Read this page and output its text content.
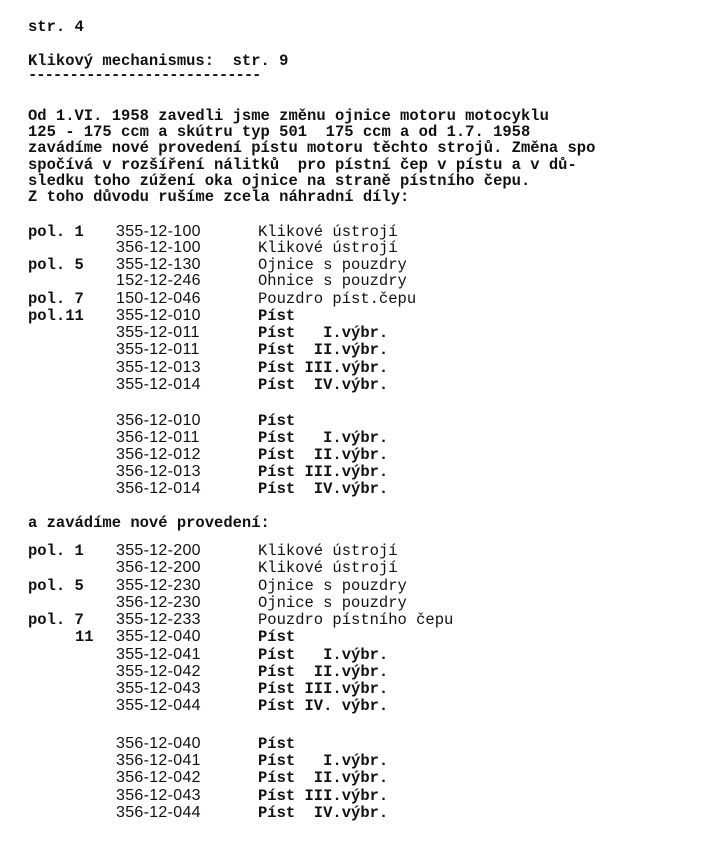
str. 4
Klikový mechanismus:  str. 9
----------------------------
Od 1.VI. 1958 zavedli jsme změnu ojnice motoru motocyklu
125 - 175 ccm a skútru typ 501  175 ccm a od 1.7. 1958
zavádíme nové provedení pístu motoru těchto strojů. Změna spo
spočívá v rozšíření nálitků  pro pístní čep v pístu a v dů-
sledku toho zúžení oka ojnice na straně pístního čepu.
Z toho důvodu rušíme zcela náhradní díly:
pol. 1 355-12-100	Klikové ústrojí
356-12-100	Klikové ústrojí
pol. 5 355-12-130	Ojnice s pouzdry
152-12-246	Ohnice s pouzdry
pol. 7 150-12-046	Pouzdro píst.čepu
pol.11 355-12-010	Píst
355-12-011	Píst   I.výbr.
355-12-011	Píst  II.výbr.
355-12-013	Píst III.výbr.
355-12-014	Píst  IV.výbr.
356-12-010	Píst
356-12-011	Píst   I.výbr.
356-12-012	Píst  II.výbr.
356-12-013	Píst III.výbr.
356-12-014	Píst  IV.výbr.
a zavádíme nové provedení:
pol. 1 355-12-200	Klikové ústrojí
356-12-200	Klikové ústrojí
pol. 5 355-12-230	Ojnice s pouzdry
356-12-230	Ojnice s pouzdry
pol. 7 355-12-233	Pouzdro pístního čepu
11 355-12-040	Píst
355-12-041	Píst   I.výbr.
355-12-042	Píst  II.výbr.
355-12-043	Píst III.výbr.
355-12-044	Píst IV. výbr.
356-12-040	Píst
356-12-041	Píst   I.výbr.
356-12-042	Píst  II.výbr.
356-12-043	Píst III.výbr.
356-12-044	Píst  IV.výbr.
